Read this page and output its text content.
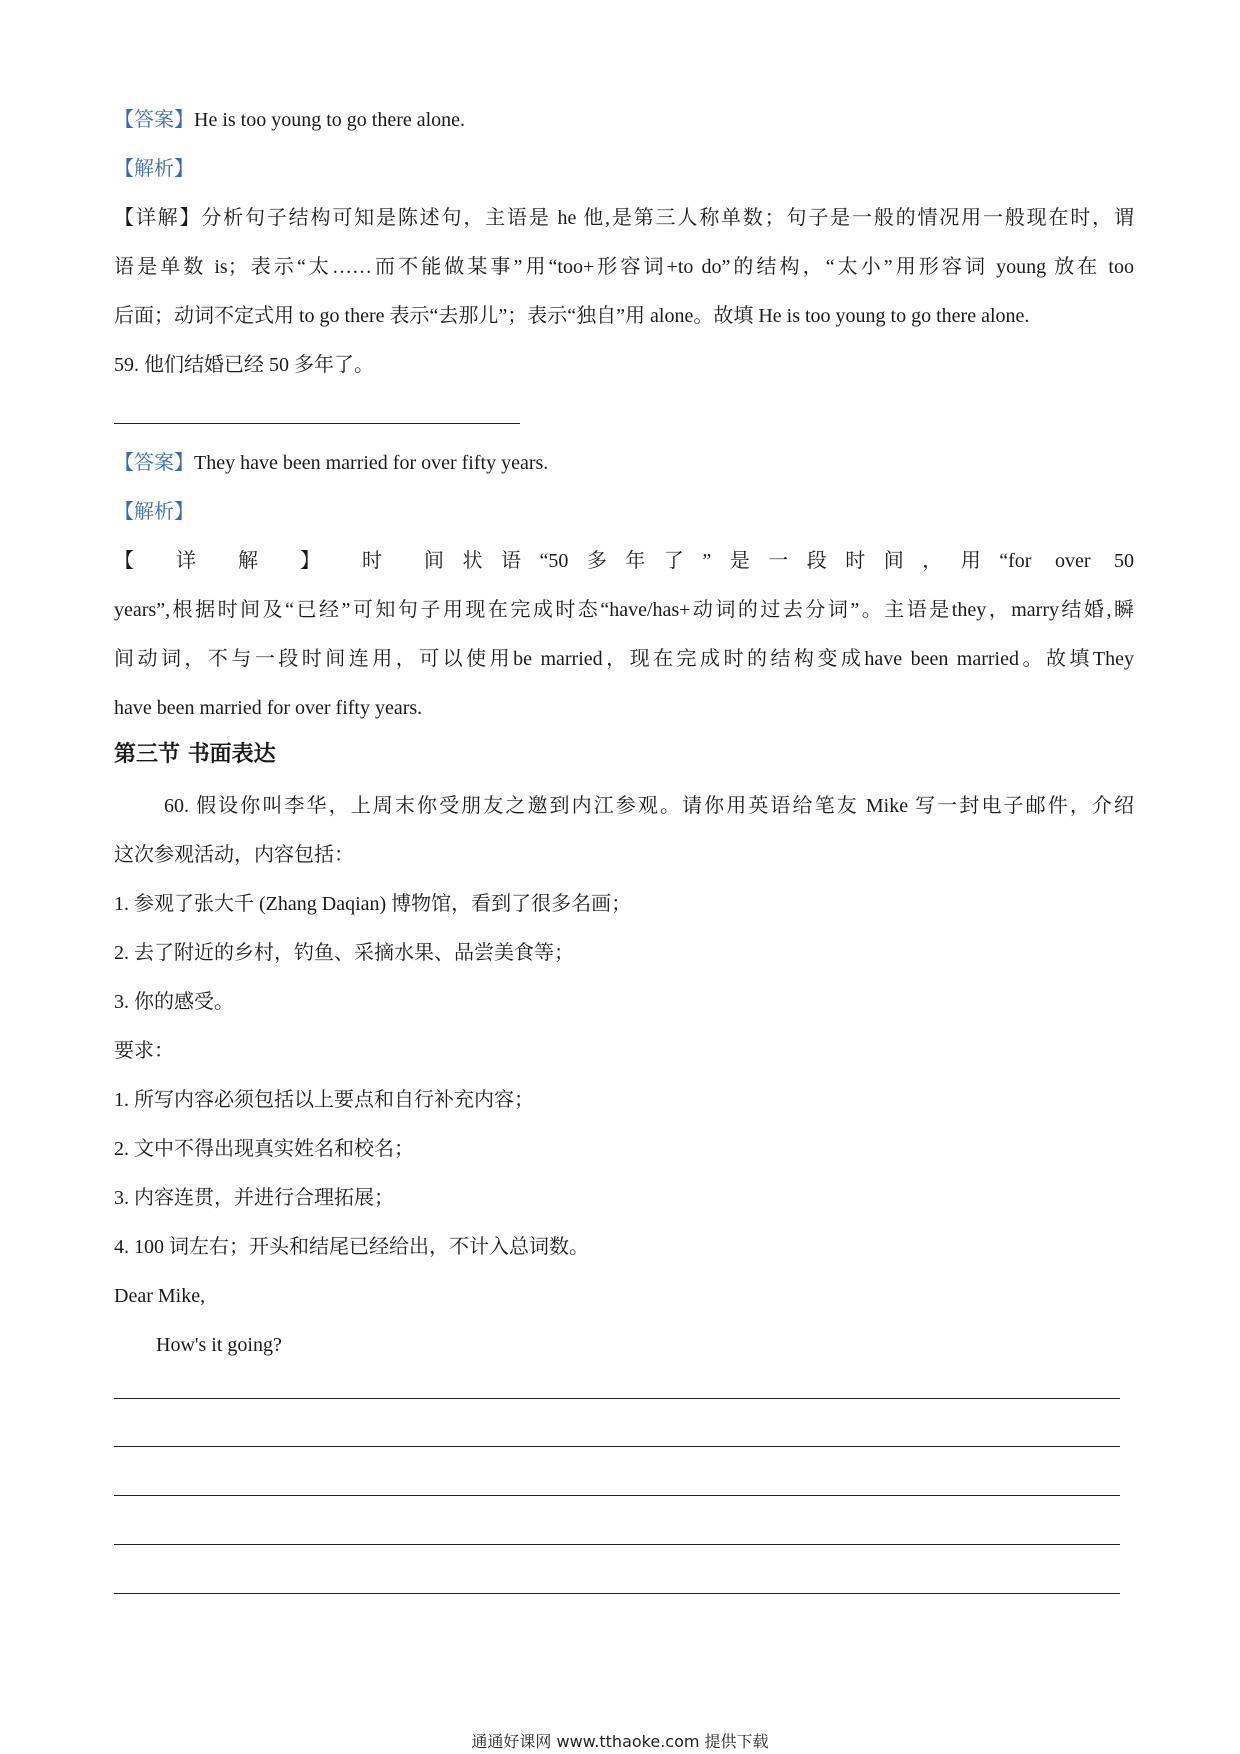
【答案】He is too young to go there alone.
【解析】
【详解】分析句子结构可知是陈述句，主语是 he 他,是第三人称单数；句子是一般的情况用一般现在时，谓
语是单数 is；表示“太……而不能做某事”用“too+形容词+to do”的结构，“太小”用形容词 young 放在 too
后面；动词不定式用 to go there 表示“去那儿”；表示“独自”用 alone。故填 He is too young to go there alone.
59. 他们结婚已经 50 多年了。
【答案】They have been married for over fifty years.
【解析】
【 详 解 】 时 间状语“50多年了”是一段时间，用“for over 50
years”,根据时间及“已经”可知句子用现在完成时态“have/has+动词的过去分词”。主语是they，marry结婚,瞬
间动词，不与一段时间连用，可以使用be married，现在完成时的结构变成have been married。故填They
have been married for over fifty years.
第三节 书面表达
60. 假设你叫李华，上周末你受朋友之邀到内江参观。请你用英语给笔友 Mike 写一封电子邮件，介绍
这次参观活动，内容包括：
1. 参观了张大千 (Zhang Daqian) 博物馆，看到了很多名画；
2. 去了附近的乡村，钓鱼、采摘水果、品尝美食等；
3. 你的感受。
要求：
1. 所写内容必须包括以上要点和自行补充内容；
2. 文中不得出现真实姓名和校名；
3. 内容连贯，并进行合理拓展；
4. 100 词左右；开头和结尾已经给出，不计入总词数。
Dear Mike,
How's it going?
通通好课网 www.tthaoke.com 提供下载
